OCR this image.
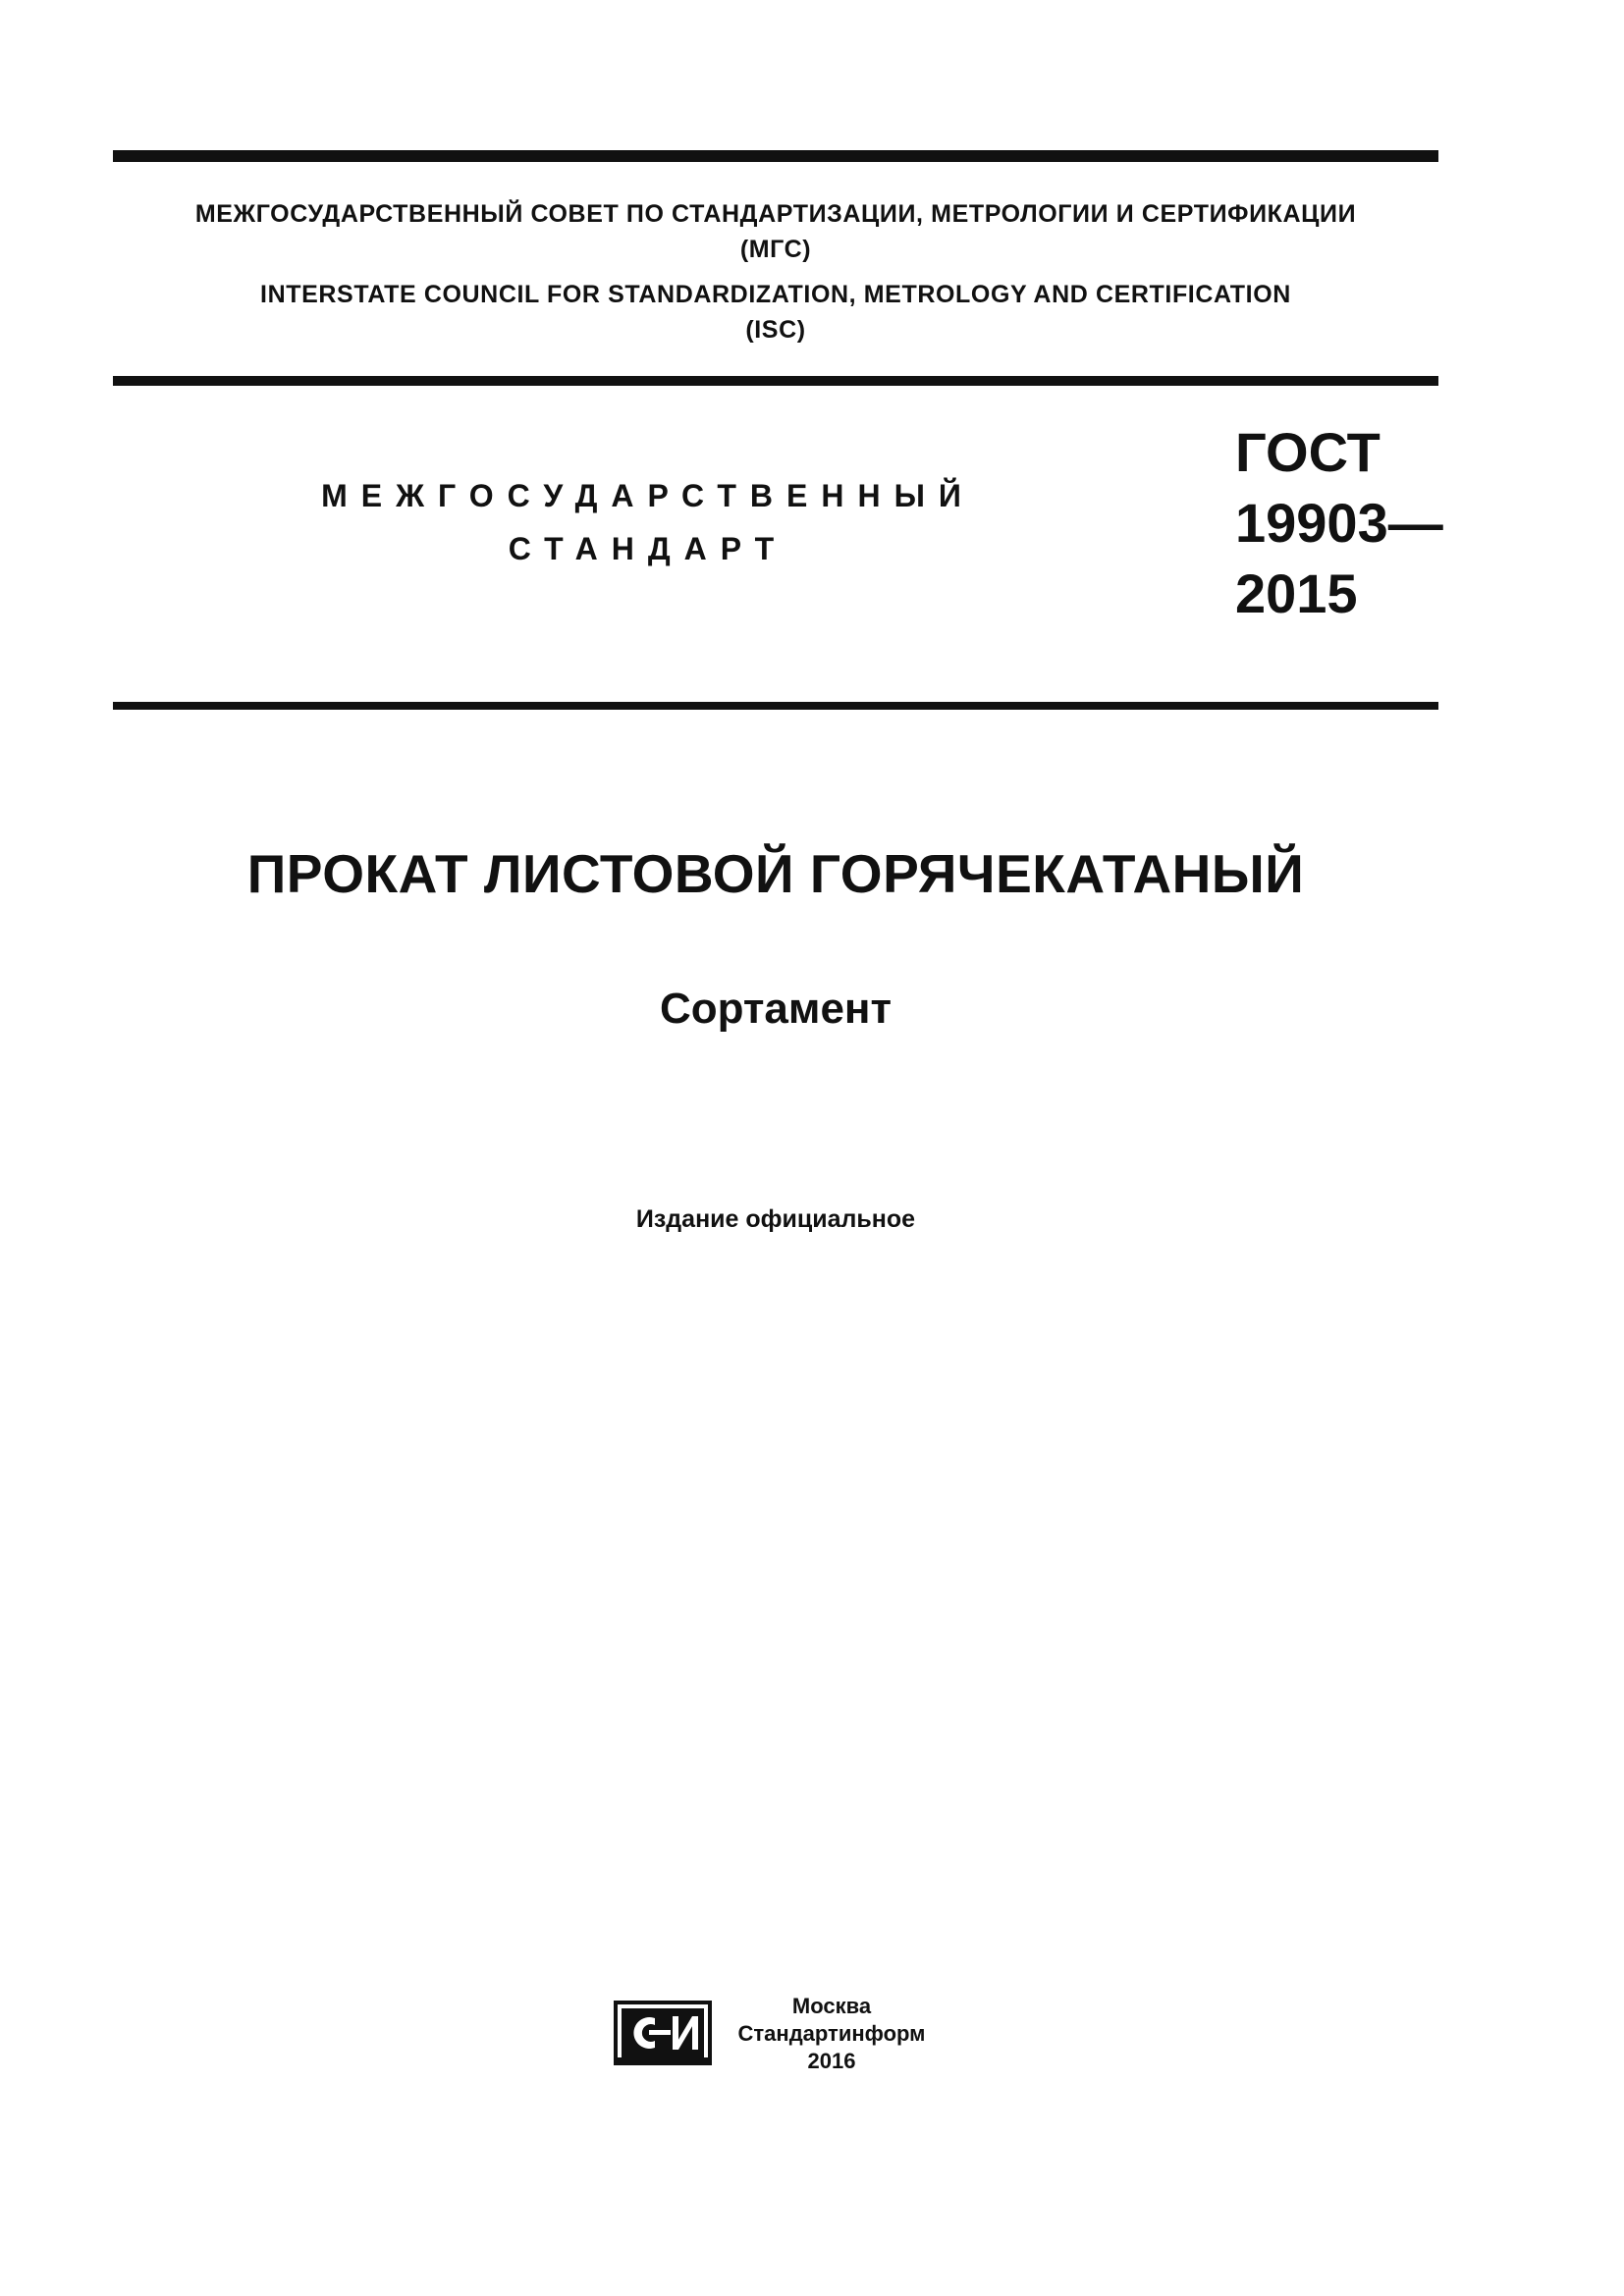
МЕЖГОСУДАРСТВЕННЫЙ СОВЕТ ПО СТАНДАРТИЗАЦИИ, МЕТРОЛОГИИ И СЕРТИФИКАЦИИ
(МГС)
INTERSTATE COUNCIL FOR STANDARDIZATION, METROLOGY AND CERTIFICATION
(ISC)
МЕЖГОСУДАРСТВЕННЫЙ
СТАНДАРТ
ГОСТ
19903—
2015
ПРОКАТ ЛИСТОВОЙ ГОРЯЧЕКАТАНЫЙ
Сортамент
Издание официальное
Москва
Стандартинформ
2016
